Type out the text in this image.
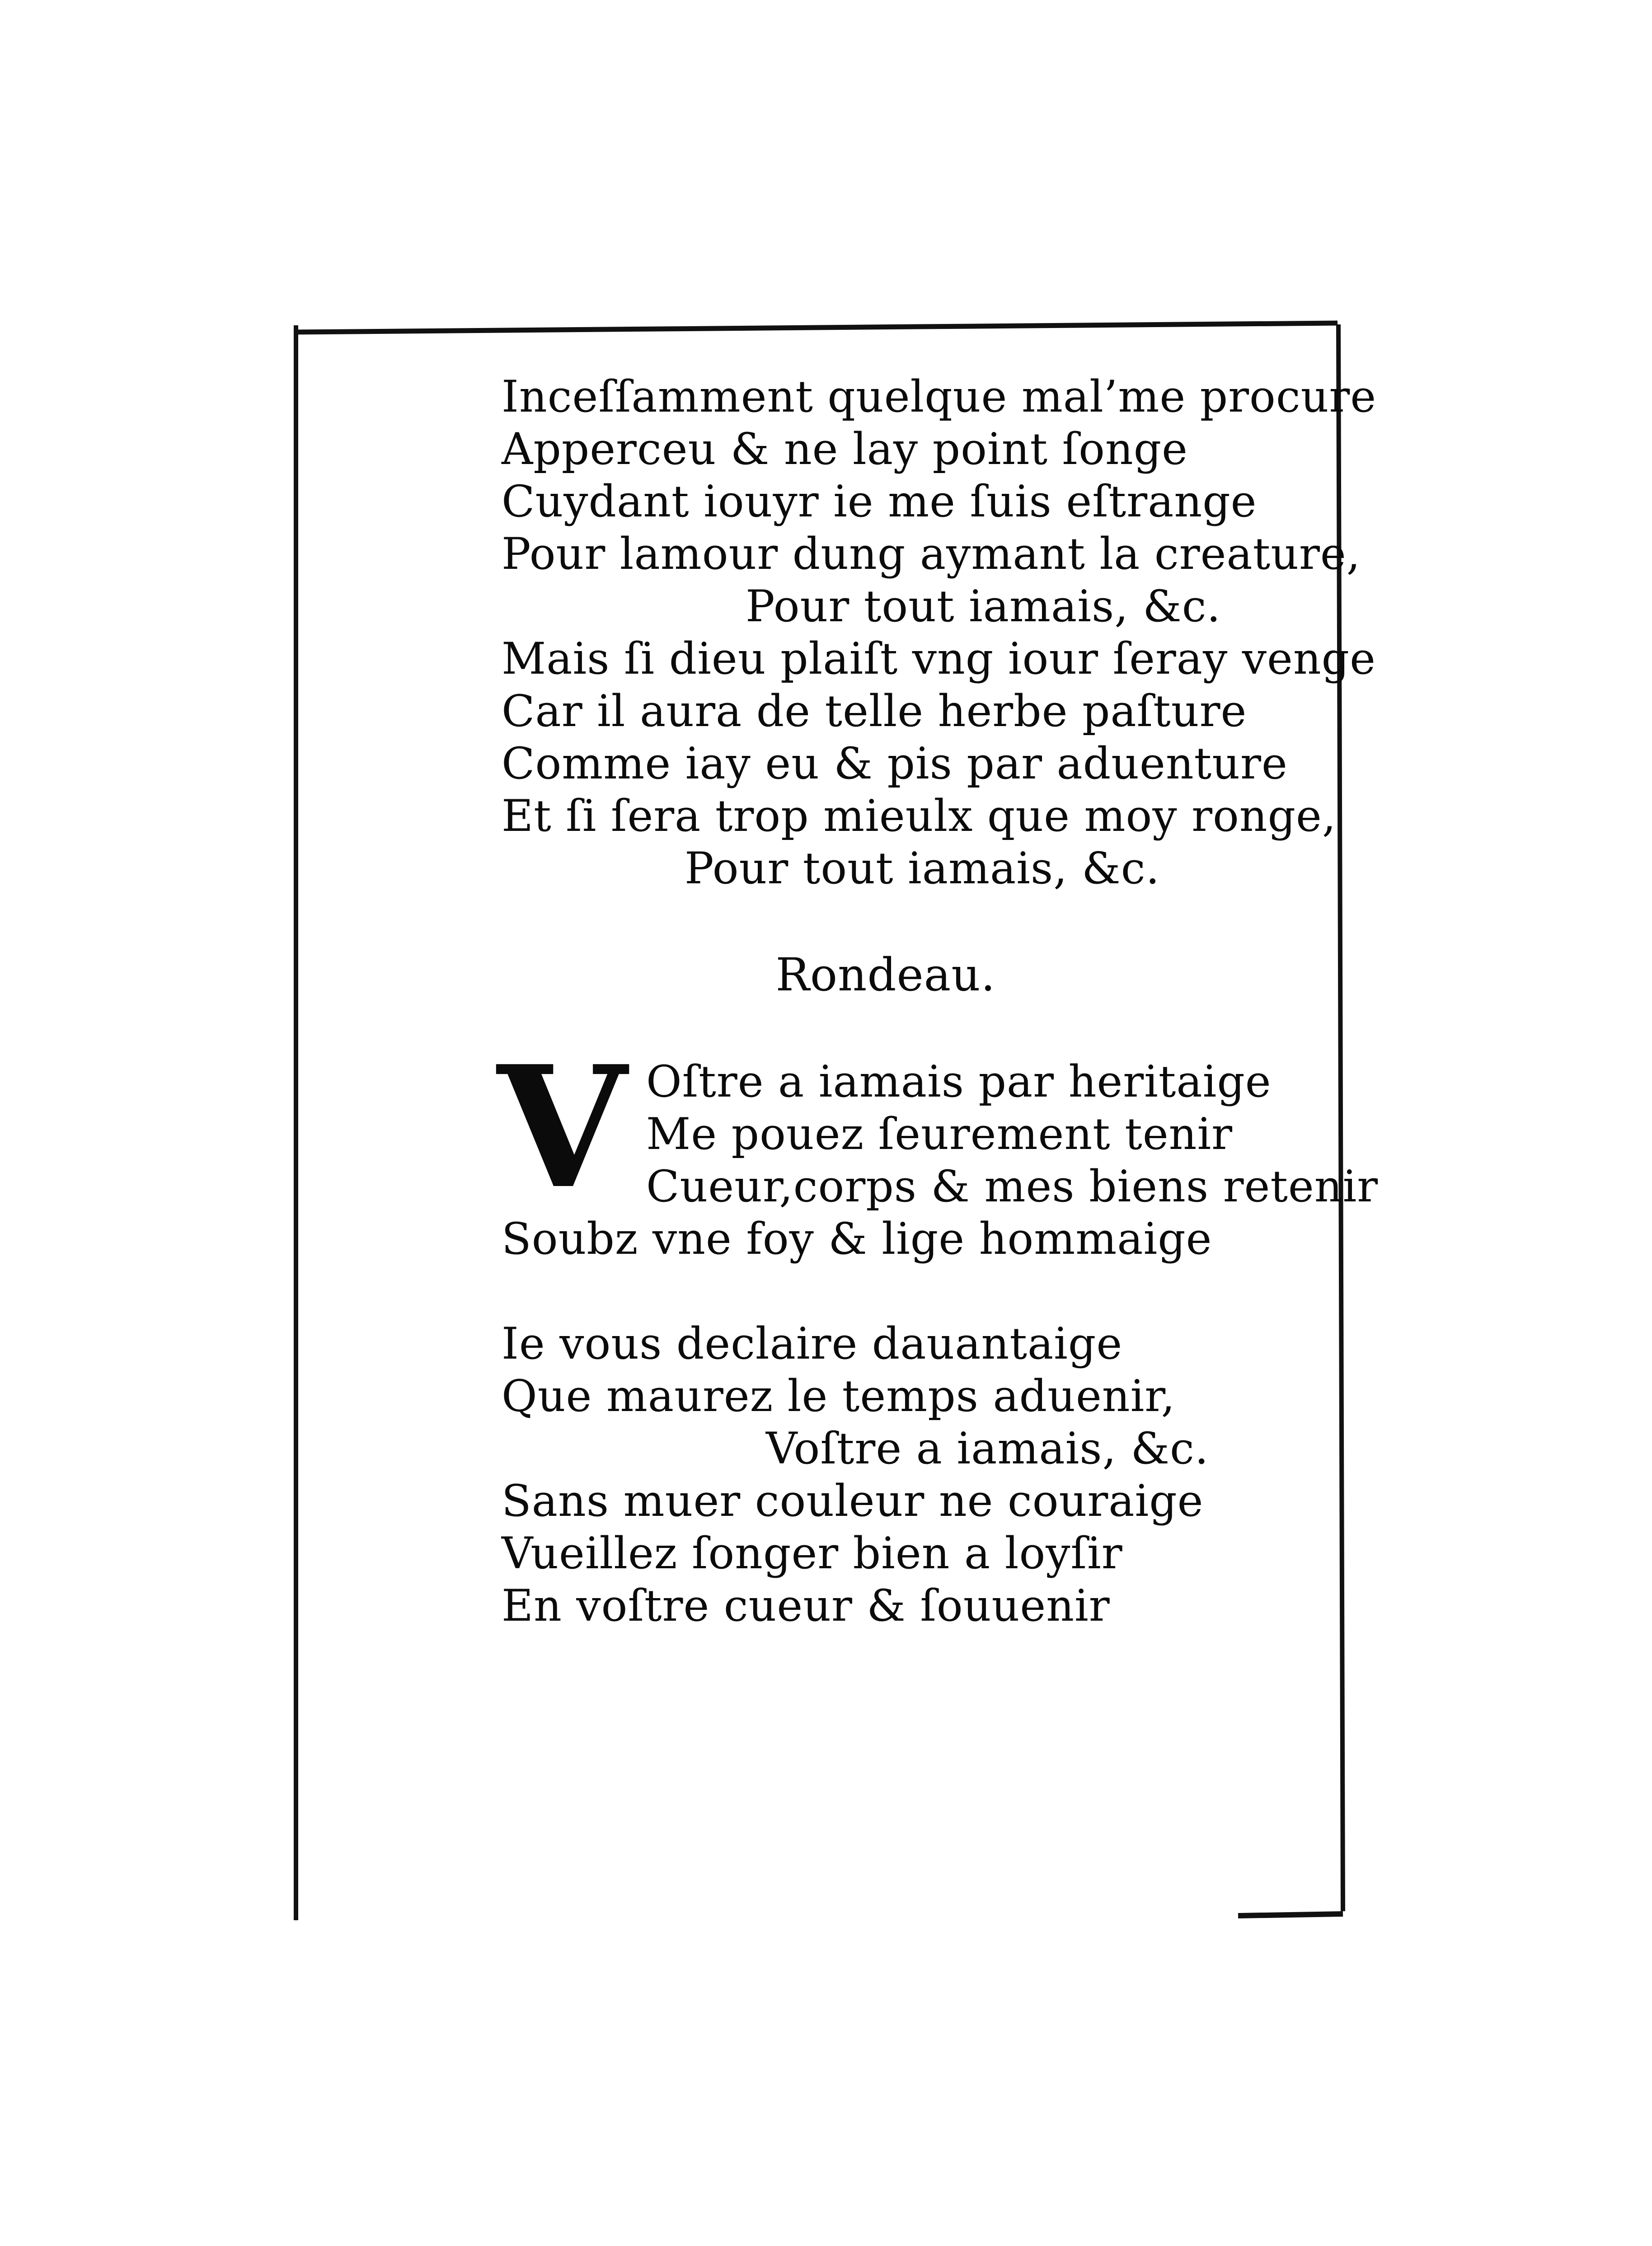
Inceſſamment quelque mal’me procure
Apperceu & ne lay point ſonge
Cuydant iouyr ie me ſuis eſtrange
Pour lamour dung aymant la creature,
Pour tout iamais, &c.
Mais ſi dieu plaiſt vng iour ſeray venge
Car il aura de telle herbe paſture
Comme iay eu & pis par aduenture
Et ſi ſera trop mieulx que moy ronge,
Pour tout iamais, &c.
Rondeau.
V Oſtre a iamais par heritaige
Me pouez ſeurement tenir
Cueur,corps & mes biens retenir
Soubz vne foy & lige hommaige
Ie vous declaire dauantaige
Que maurez le temps aduenir,
Voſtre a iamais, &c.
Sans muer couleur ne couraige
Vueillez ſonger bien a loyſir
En voſtre cueur & ſouuenir
